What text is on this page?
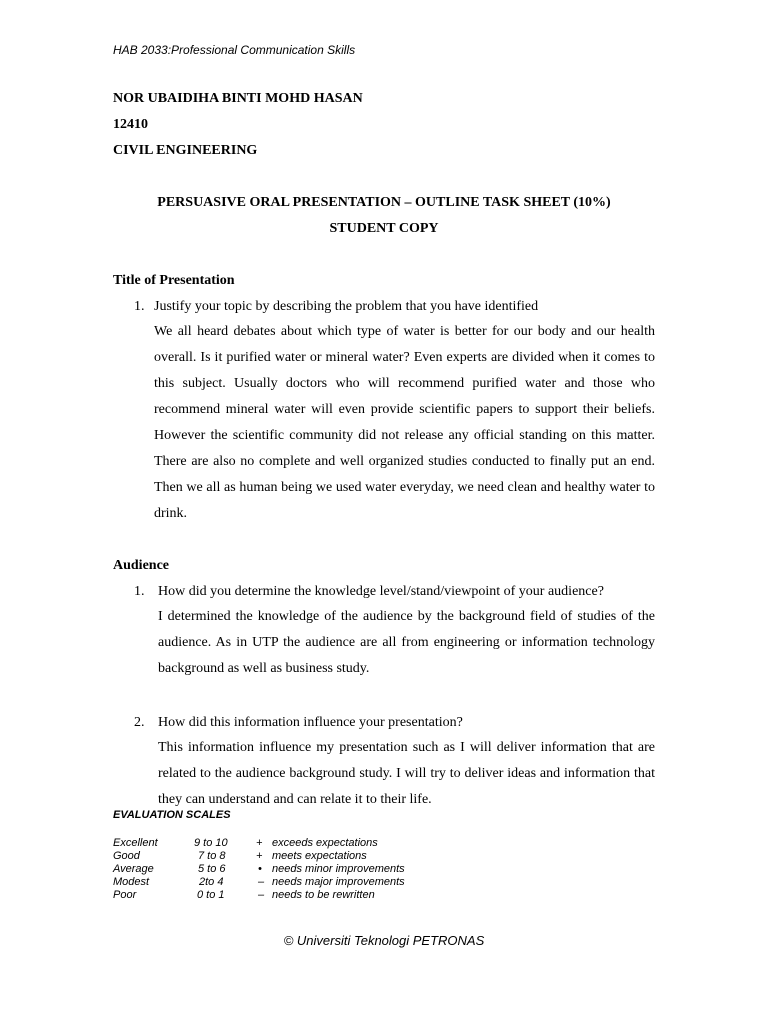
HAB 2033:Professional Communication Skills
NOR UBAIDIHA BINTI MOHD HASAN
12410
CIVIL ENGINEERING
PERSUASIVE ORAL PRESENTATION – OUTLINE TASK SHEET (10%)
STUDENT COPY
Title of Presentation
1. Justify your topic by describing the problem that you have identified

We all heard debates about which type of water is better for our body and our health overall. Is it purified water or mineral water? Even experts are divided when it comes to this subject. Usually doctors who will recommend purified water and those who recommend mineral water will even provide scientific papers to support their beliefs. However the scientific community did not release any official standing on this matter. There are also no complete and well organized studies conducted to finally put an end. Then we all as human being we used water everyday, we need clean and healthy water to drink.

Audience
1. How did you determine the knowledge level/stand/viewpoint of your audience?

I determined the knowledge of the audience by the background field of studies of the audience. As in UTP the audience are all from engineering or information technology background as well as business study.

2. How did this information influence your presentation?

This information influence my presentation such as I will deliver information that are related to the audience background study. I will try to deliver ideas and information that they can understand and can relate it to their life.

EVALUATION SCALES
Excellent	9 to 10	+ exceeds expectations
Good	7 to 8	+ meets expectations
Average	5 to 6	• needs minor improvements
Modest	2to 4	– needs major improvements
Poor	0 to 1	– needs to be rewritten
© Universiti Teknologi PETRONAS
